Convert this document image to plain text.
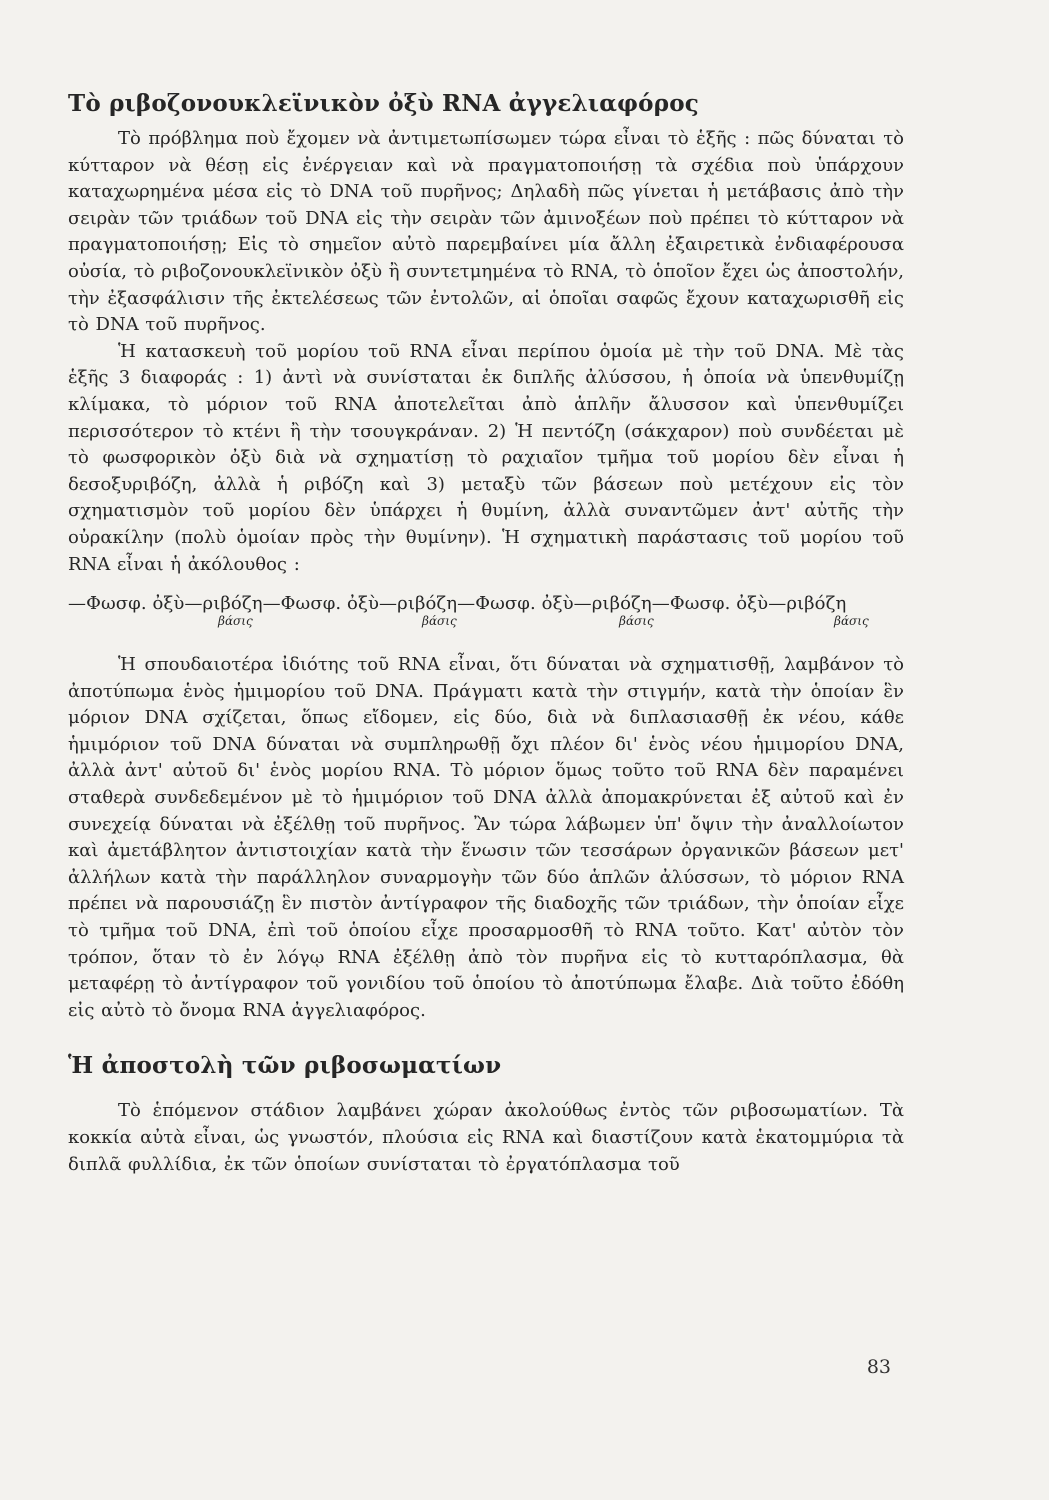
Τὸ ριβοζονουκλεϊνικὸν ὀξὺ RNA ἀγγελιαφόρος

Τὸ πρόβλημα ποὺ ἔχομεν νὰ ἀντιμετωπίσωμεν τώρα εἶναι τὸ ἑξῆς : πῶς δύναται τὸ κύτταρον νὰ θέσῃ εἰς ἐνέργειαν καὶ νὰ πραγματοποιήσῃ τὰ σχέδια ποὺ ὑπάρχουν καταχωρημένα μέσα εἰς τὸ DNA τοῦ πυρῆνος; Δηλαδὴ πῶς γίνεται ἡ μετάβασις ἀπὸ τὴν σειρὰν τῶν τριάδων τοῦ DNA εἰς τὴν σειρὰν τῶν ἀμινοξέων ποὺ πρέπει τὸ κύτταρον νὰ πραγματοποιήσῃ; Εἰς τὸ σημεῖον αὐτὸ παρεμβαίνει μία ἄλλη ἐξαιρετικὰ ἐνδιαφέρουσα οὐσία, τὸ ριβοζονουκλεϊνικὸν ὀξὺ ἢ συντετμημένα τὸ RNA, τὸ ὁποῖον ἔχει ὡς ἀποστολήν, τὴν ἐξασφάλισιν τῆς ἐκτελέσεως τῶν ἐντολῶν, αἱ ὁποῖαι σαφῶς ἔχουν καταχωρισθῆ εἰς τὸ DNA τοῦ πυρῆνος.

Ἡ κατασκευὴ τοῦ μορίου τοῦ RNA εἶναι περίπου ὁμοία μὲ τὴν τοῦ DNA. Μὲ τὰς ἑξῆς 3 διαφοράς : 1) ἀντὶ νὰ συνίσταται ἐκ διπλῆς ἀλύσσου, ἡ ὁποία νὰ ὑπενθυμίζῃ κλίμακα, τὸ μόριον τοῦ RNA ἀποτελεῖται ἀπὸ ἁπλῆν ἄλυσσον καὶ ὑπενθυμίζει περισσότερον τὸ κτένι ἢ τὴν τσουγκράναν. 2) Ἡ πεντόζη (σάκχαρον) ποὺ συνδέεται μὲ τὸ φωσφορικὸν ὀξὺ διὰ νὰ σχηματίσῃ τὸ ραχιαῖον τμῆμα τοῦ μορίου δὲν εἶναι ἡ δεσοξυριβόζη, ἀλλὰ ἡ ριβόζη καὶ 3) μεταξὺ τῶν βάσεων ποὺ μετέχουν εἰς τὸν σχηματισμὸν τοῦ μορίου δὲν ὑπάρχει ἡ θυμίνη, ἀλλὰ συναντῶμεν ἀντ' αὐτῆς τὴν οὐρακίλην (πολὺ ὁμοίαν πρὸς τὴν θυμίνην). Ἡ σχηματικὴ παράστασις τοῦ μορίου τοῦ RNA εἶναι ἡ ἀκόλουθος :

—Φωσφ. ὀξὺ—ριβόζη—Φωσφ. ὀξὺ—ριβόζη—Φωσφ. ὀξὺ—ριβόζη—Φωσφ. ὀξὺ—ριβόζη
βάσις	βάσις	βάσις	βάσις

Ἡ σπουδαιοτέρα ἰδιότης τοῦ RNA εἶναι, ὅτι δύναται νὰ σχηματισθῇ, λαμβάνον τὸ ἀποτύπωμα ἑνὸς ἡμιμορίου τοῦ DNA. Πράγματι κατὰ τὴν στιγμήν, κατὰ τὴν ὁποίαν ἓν μόριον DNA σχίζεται, ὅπως εἴδομεν, εἰς δύο, διὰ νὰ διπλασιασθῇ ἐκ νέου, κάθε ἡμιμόριον τοῦ DNA δύναται νὰ συμπληρωθῇ ὄχι πλέον δι' ἑνὸς νέου ἡμιμορίου DNA, ἀλλὰ ἀντ' αὐτοῦ δι' ἑνὸς μορίου RNA. Τὸ μόριον ὅμως τοῦτο τοῦ RNA δὲν παραμένει σταθερὰ συνδεδεμένον μὲ τὸ ἡμιμόριον τοῦ DNA ἀλλὰ ἀπομακρύνεται ἐξ αὐτοῦ καὶ ἐν συνεχείᾳ δύναται νὰ ἐξέλθῃ τοῦ πυρῆνος. Ἂν τώρα λάβωμεν ὑπ' ὄψιν τὴν ἀναλλοίωτον καὶ ἀμετάβλητον ἀντιστοιχίαν κατὰ τὴν ἕνωσιν τῶν τεσσάρων ὀργανικῶν βάσεων μετ' ἀλλήλων κατὰ τὴν παράλληλον συναρμογὴν τῶν δύο ἁπλῶν ἀλύσσων, τὸ μόριον RNA πρέπει νὰ παρουσιάζῃ ἓν πιστὸν ἀντίγραφον τῆς διαδοχῆς τῶν τριάδων, τὴν ὁποίαν εἶχε τὸ τμῆμα τοῦ DNA, ἐπὶ τοῦ ὁποίου εἶχε προσαρμοσθῆ τὸ RNA τοῦτο. Κατ' αὐτὸν τὸν τρόπον, ὅταν τὸ ἐν λόγῳ RNA ἐξέλθῃ ἀπὸ τὸν πυρῆνα εἰς τὸ κυτταρόπλασμα, θὰ μεταφέρῃ τὸ ἀντίγραφον τοῦ γονιδίου τοῦ ὁποίου τὸ ἀποτύπωμα ἔλαβε. Διὰ τοῦτο ἐδόθη εἰς αὐτὸ τὸ ὄνομα RNA ἀγγελιαφόρος.

Ἡ ἀποστολὴ τῶν ριβοσωματίων

Τὸ ἑπόμενον στάδιον λαμβάνει χώραν ἀκολούθως ἐντὸς τῶν ριβοσωματίων. Τὰ κοκκία αὐτὰ εἶναι, ὡς γνωστόν, πλούσια εἰς RNA καὶ διαστίζουν κατὰ ἑκατομμύρια τὰ διπλᾶ φυλλίδια, ἐκ τῶν ὁποίων συνίσταται τὸ ἐργατόπλασμα τοῦ

83
